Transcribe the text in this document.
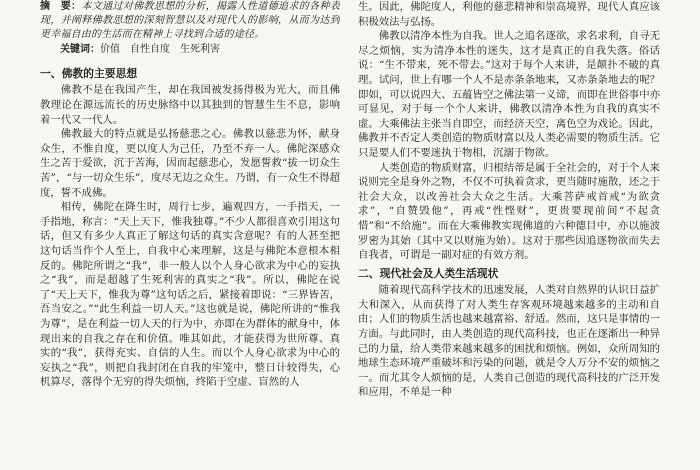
摘　要：本文通过对佛教思想的分析，揭露人性道德追求的各种表现，并阐释佛教思想的深刻智慧以及对现代人的影响，从而为达到更幸福自由的生活而在精神上寻找到合适的途径。

关键词：价值 自性自度 生死利害

一、佛教的主要思想

佛教不是在我国产生，却在我国被发扬得极为光大，而且佛教理论在源远流长的历史脉络中以其独到的智慧生生不息，影响着一代又一代人。

佛教最大的特点就是弘扬慈悲之心。佛教以慈悲为怀，献身众生，不惟自度，更以度人为己任，乃至不弃一人。佛陀深感众生之苦于爱欲，沉于苦海，因而起慈悲心，发愿誓救“拔一切众生苦”，“与一切众生乐”，度尽无边之众生。乃谓，有一众生不得超度，誓不成佛。

相传，佛陀在降生时，周行七步，遍观四方，一手指天，一手指地，称言：“天上天下，惟我独尊。”不少人都很喜欢引用这句话，但又有多少人真正了解这句话的真实含意呢？有的人甚至把这句话当作个人至上，自我中心来理解，这是与佛陀本意根本相反的。佛陀所谓之“我”，非一般人以个人身心欲求为中心的妄执之“我”，而是超越了生死利害的真实之“我”。所以，佛陀在说了“天上天下，惟我为尊”这句话之后，紧接着即说：“三界皆苦，吾当安之。”“此生利益一切人天。”这也就是说，佛陀所讲的“惟我为尊”，是在利益一切人天的行为中，亦即在为群体的献身中，体现出来的自我之存在和价值。唯其如此，才能获得为世所尊、真实的“我”，获得充实、自信的人生。而以个人身心欲求为中心的妄执之“我”，则把自我封闭在自我的牢笼中，整日计较得失，心机算尽，落得个无穷的得失烦恼，终陷于空虚、盲然的人

生。因此，佛陀度人，利他的慈悲精神和崇高境界，现代人真应该积极效法与弘扬。

佛教以清净本性为自我。世人之追名逐欲，求名求利，自寻无尽之烦恼，实为清净本性的迷失，这才是真正的自我失落。俗话说：“生不带来，死不带去。”这对于每个人来讲，是颠扑不破的真理。试问，世上有哪一个人不是赤条条地来，又赤条条地去的呢？即如，可以说四大、五蕴皆空之佛法第一义谛，而即在世俗事中亦可显见，对于每一个个人来讲，佛教以清净本性为自我的真实不虚。大乘佛法主张当自即空，而经济天空，离色空为戏论。因此，佛教并不否定人类创造的物质财富以及人类必需要的物质生活。它只是要人们不要迷执于物相，沉溺于物欲。

人类创造的物质财富，归根结蒂是属于全社会的，对于个人来说则完全是身外之物，不仅不可执着贪求，更当随时施散，还之于社会大众，以改善社会大众之生活。大乘菩萨戒首戒“为欲贪求”，“自赞毁他”，再戒“性悭财”，更贵要现前间“不起贪惜”和“不给施”。而在大乘佛教实现佛道的六种德目中，亦以施波罗密为其始（其中又以财施为始）。这对于那些因追逐物欲而失去自我者，可谓是一副对症的有效方剂。

二、现代社会及人类生活现状

随着现代高科学技术的迅速发展，人类对自然界的认识日益扩大和深入，从而获得了对人类生存客观环境越来越多的主动和自由；人们的物质生活也越来越富裕、舒适。然而，这只是事情的一方面。与此同时，由人类创造的现代高科技，也正在逐渐出一种异己的力量，给人类带来越来越多的困扰和烦恼。例如，众所周知的地球生态环境严重破坏和污染的问题，就是令人万分不安的烦恼之一。而尤其令人烦恼的是，人类自己创造的现代高科技的广泛开发和应用，不单是一种
